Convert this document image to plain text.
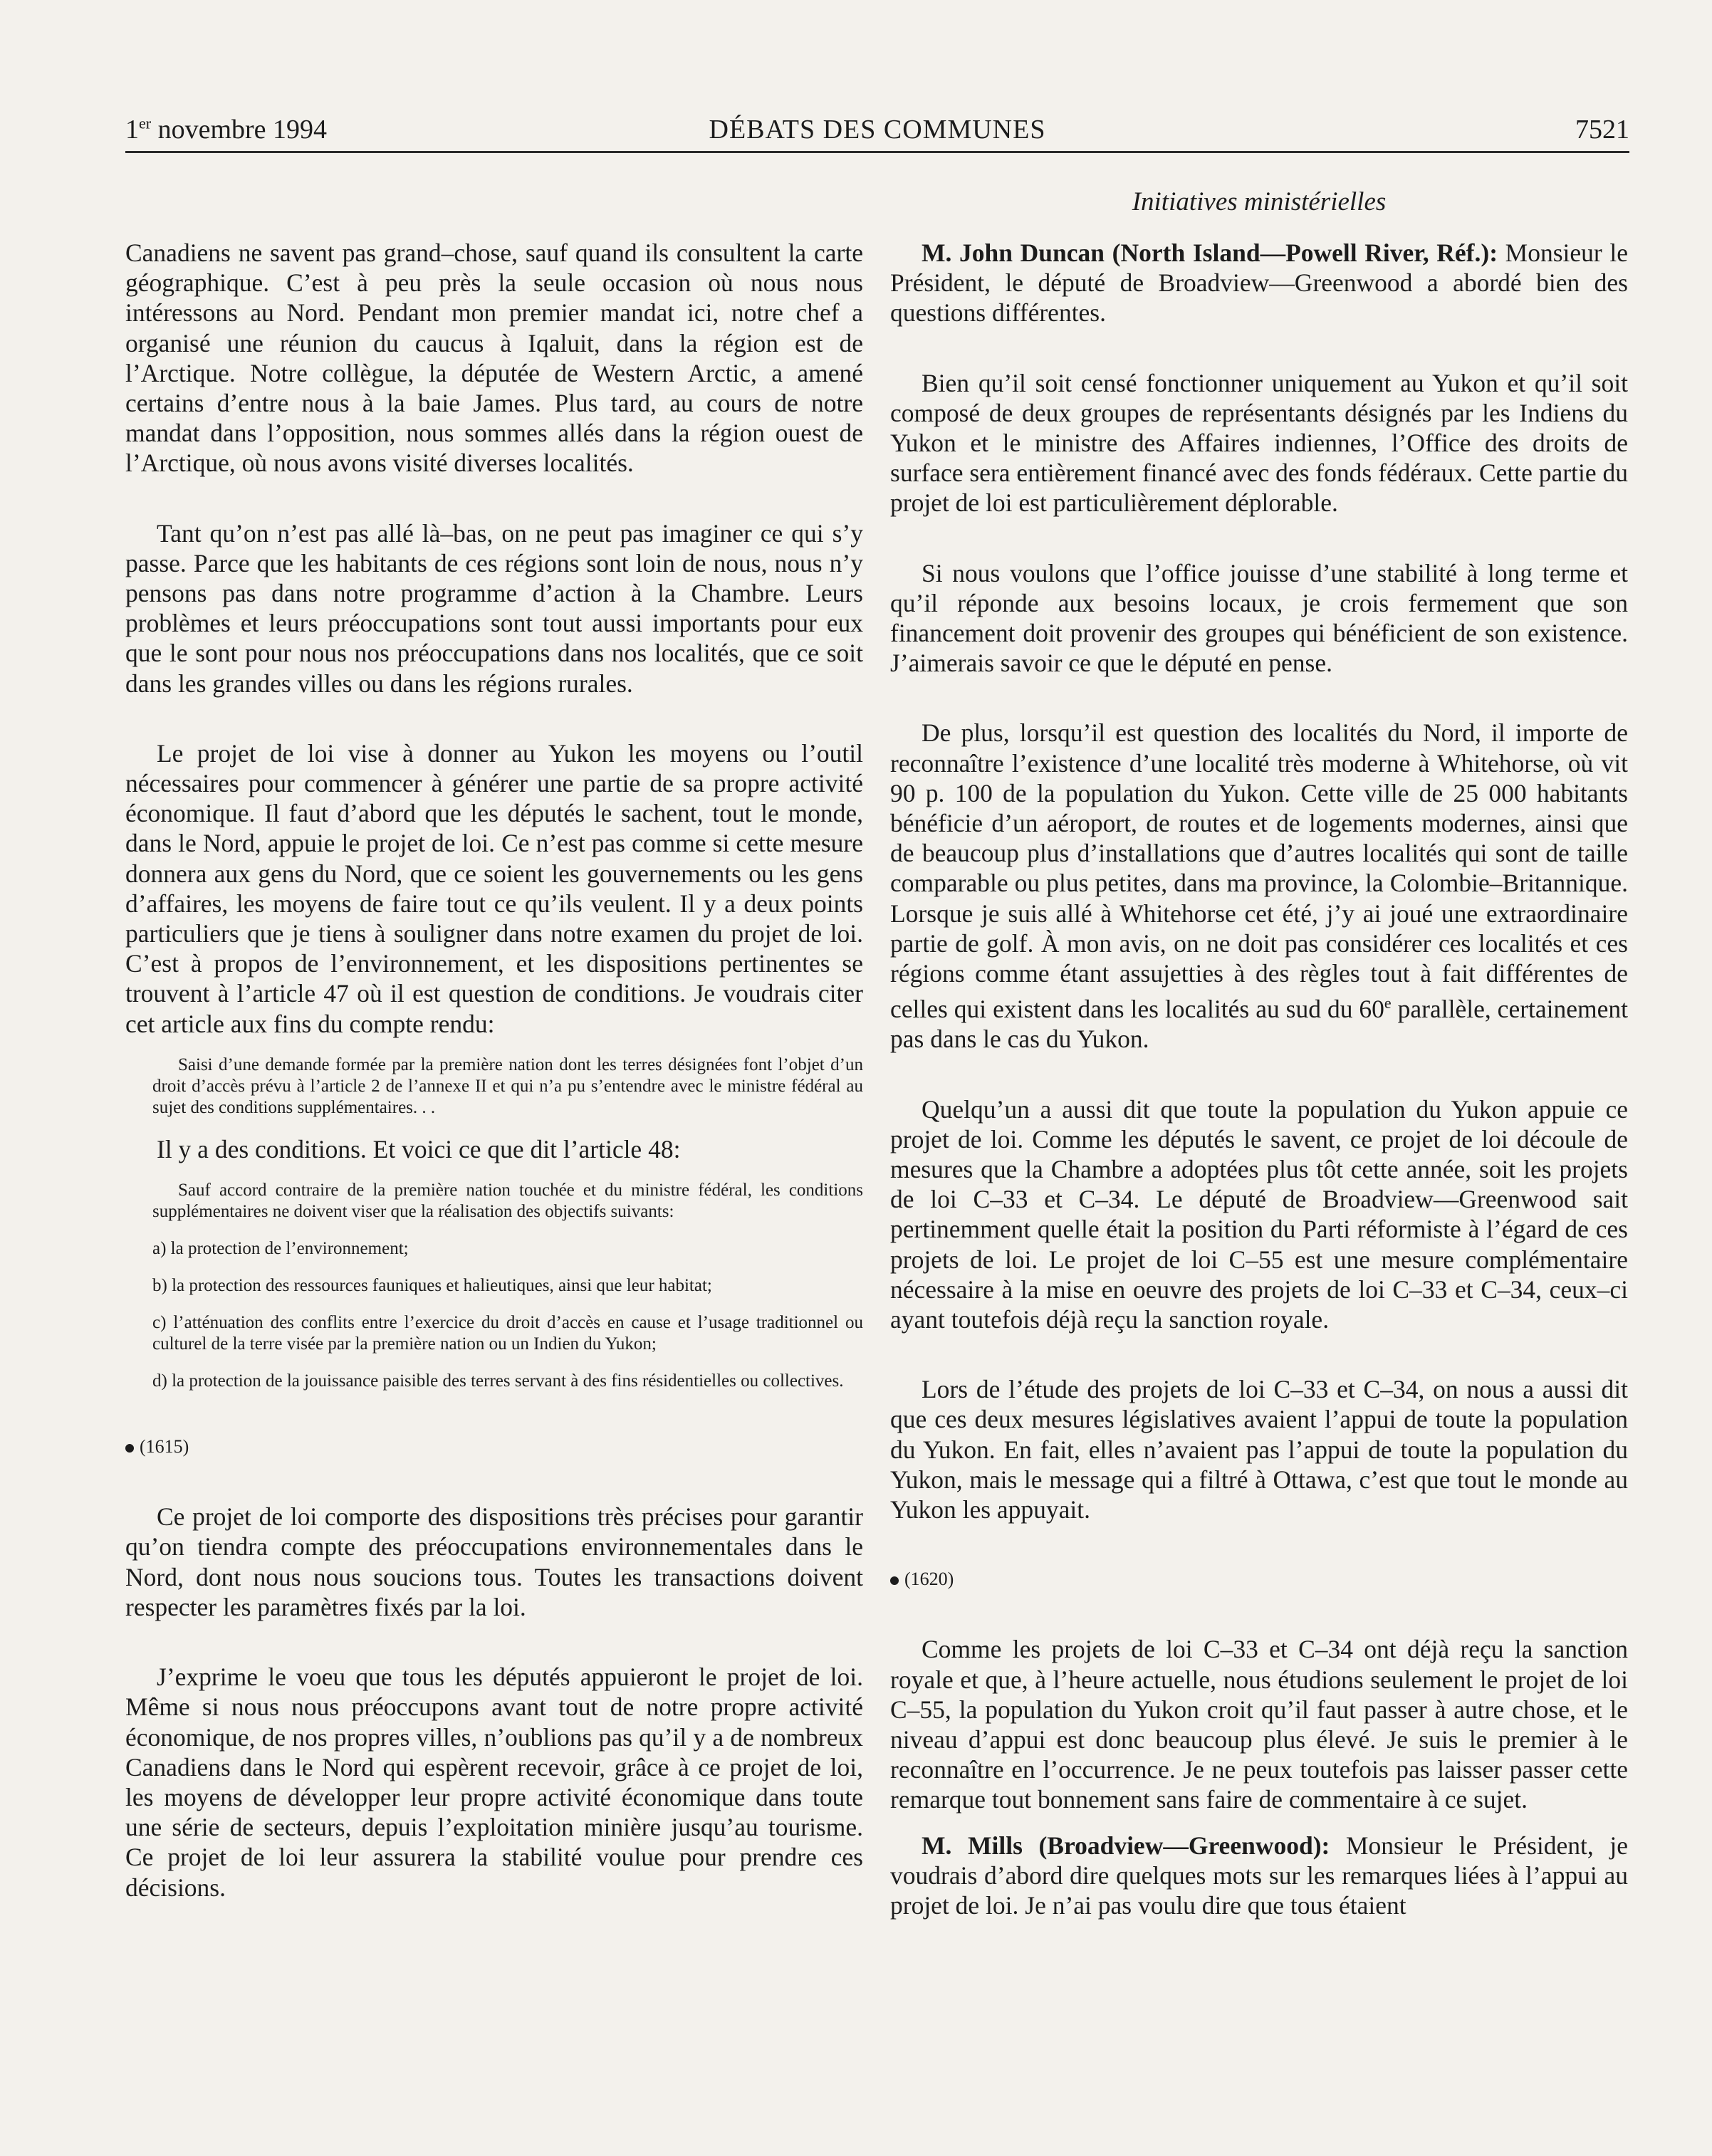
1er novembre 1994	DÉBATS DES COMMUNES	7521
Initiatives ministérielles

Canadiens ne savent pas grand–chose, sauf quand ils consultent la carte géographique. C’est à peu près la seule occasion où nous nous intéressons au Nord. Pendant mon premier mandat ici, notre chef a organisé une réunion du caucus à Iqaluit, dans la région est de l’Arctique. Notre collègue, la députée de Western Arctic, a amené certains d’entre nous à la baie James. Plus tard, au cours de notre mandat dans l’opposition, nous sommes allés dans la région ouest de l’Arctique, où nous avons visité diverses localités.

Tant qu’on n’est pas allé là–bas, on ne peut pas imaginer ce qui s’y passe. Parce que les habitants de ces régions sont loin de nous, nous n’y pensons pas dans notre programme d’action à la Chambre. Leurs problèmes et leurs préoccupations sont tout aussi importants pour eux que le sont pour nous nos préoccupations dans nos localités, que ce soit dans les grandes villes ou dans les régions rurales.

Le projet de loi vise à donner au Yukon les moyens ou l’outil nécessaires pour commencer à générer une partie de sa propre activité économique. Il faut d’abord que les députés le sachent, tout le monde, dans le Nord, appuie le projet de loi. Ce n’est pas comme si cette mesure donnera aux gens du Nord, que ce soient les gouvernements ou les gens d’affaires, les moyens de faire tout ce qu’ils veulent. Il y a deux points particuliers que je tiens à souligner dans notre examen du projet de loi. C’est à propos de l’environnement, et les dispositions pertinentes se trouvent à l’article 47 où il est question de conditions. Je voudrais citer cet article aux fins du compte rendu:

Saisi d’une demande formée par la première nation dont les terres désignées font l’objet d’un droit d’accès prévu à l’article 2 de l’annexe II et qui n’a pu s’entendre avec le ministre fédéral au sujet des conditions supplémentaires. . .

Il y a des conditions. Et voici ce que dit l’article 48:

Sauf accord contraire de la première nation touchée et du ministre fédéral, les conditions supplémentaires ne doivent viser que la réalisation des objectifs suivants:

a) la protection de l’environnement;

b) la protection des ressources fauniques et halieutiques, ainsi que leur habitat;

c) l’atténuation des conflits entre l’exercice du droit d’accès en cause et l’usage traditionnel ou culturel de la terre visée par la première nation ou un Indien du Yukon;

d) la protection de la jouissance paisible des terres servant à des fins résidentielles ou collectives.

(1615)

Ce projet de loi comporte des dispositions très précises pour garantir qu’on tiendra compte des préoccupations environnementales dans le Nord, dont nous nous soucions tous. Toutes les transactions doivent respecter les paramètres fixés par la loi.

J’exprime le voeu que tous les députés appuieront le projet de loi. Même si nous nous préoccupons avant tout de notre propre activité économique, de nos propres villes, n’oublions pas qu’il y a de nombreux Canadiens dans le Nord qui espèrent recevoir, grâce à ce projet de loi, les moyens de développer leur propre activité économique dans toute une série de secteurs, depuis l’exploitation minière jusqu’au tourisme. Ce projet de loi leur assurera la stabilité voulue pour prendre ces décisions.

M. John Duncan (North Island—Powell River, Réf.): Monsieur le Président, le député de Broadview—Greenwood a abordé bien des questions différentes.

Bien qu’il soit censé fonctionner uniquement au Yukon et qu’il soit composé de deux groupes de représentants désignés par les Indiens du Yukon et le ministre des Affaires indiennes, l’Office des droits de surface sera entièrement financé avec des fonds fédéraux. Cette partie du projet de loi est particulièrement déplorable.

Si nous voulons que l’office jouisse d’une stabilité à long terme et qu’il réponde aux besoins locaux, je crois fermement que son financement doit provenir des groupes qui bénéficient de son existence. J’aimerais savoir ce que le député en pense.

De plus, lorsqu’il est question des localités du Nord, il importe de reconnaître l’existence d’une localité très moderne à Whitehorse, où vit 90 p. 100 de la population du Yukon. Cette ville de 25 000 habitants bénéficie d’un aéroport, de routes et de logements modernes, ainsi que de beaucoup plus d’installations que d’autres localités qui sont de taille comparable ou plus petites, dans ma province, la Colombie–Britannique. Lorsque je suis allé à Whitehorse cet été, j’y ai joué une extraordinaire partie de golf. À mon avis, on ne doit pas considérer ces localités et ces régions comme étant assujetties à des règles tout à fait différentes de celles qui existent dans les localités au sud du 60e parallèle, certainement pas dans le cas du Yukon.

Quelqu’un a aussi dit que toute la population du Yukon appuie ce projet de loi. Comme les députés le savent, ce projet de loi découle de mesures que la Chambre a adoptées plus tôt cette année, soit les projets de loi C–33 et C–34. Le député de Broadview—Greenwood sait pertinemment quelle était la position du Parti réformiste à l’égard de ces projets de loi. Le projet de loi C–55 est une mesure complémentaire nécessaire à la mise en oeuvre des projets de loi C–33 et C–34, ceux–ci ayant toutefois déjà reçu la sanction royale.

Lors de l’étude des projets de loi C–33 et C–34, on nous a aussi dit que ces deux mesures législatives avaient l’appui de toute la population du Yukon. En fait, elles n’avaient pas l’appui de toute la population du Yukon, mais le message qui a filtré à Ottawa, c’est que tout le monde au Yukon les appuyait.

(1620)

Comme les projets de loi C–33 et C–34 ont déjà reçu la sanction royale et que, à l’heure actuelle, nous étudions seulement le projet de loi C–55, la population du Yukon croit qu’il faut passer à autre chose, et le niveau d’appui est donc beaucoup plus élevé. Je suis le premier à le reconnaître en l’occurrence. Je ne peux toutefois pas laisser passer cette remarque tout bonnement sans faire de commentaire à ce sujet.

M. Mills (Broadview—Greenwood): Monsieur le Président, je voudrais d’abord dire quelques mots sur les remarques liées à l’appui au projet de loi. Je n’ai pas voulu dire que tous étaient
